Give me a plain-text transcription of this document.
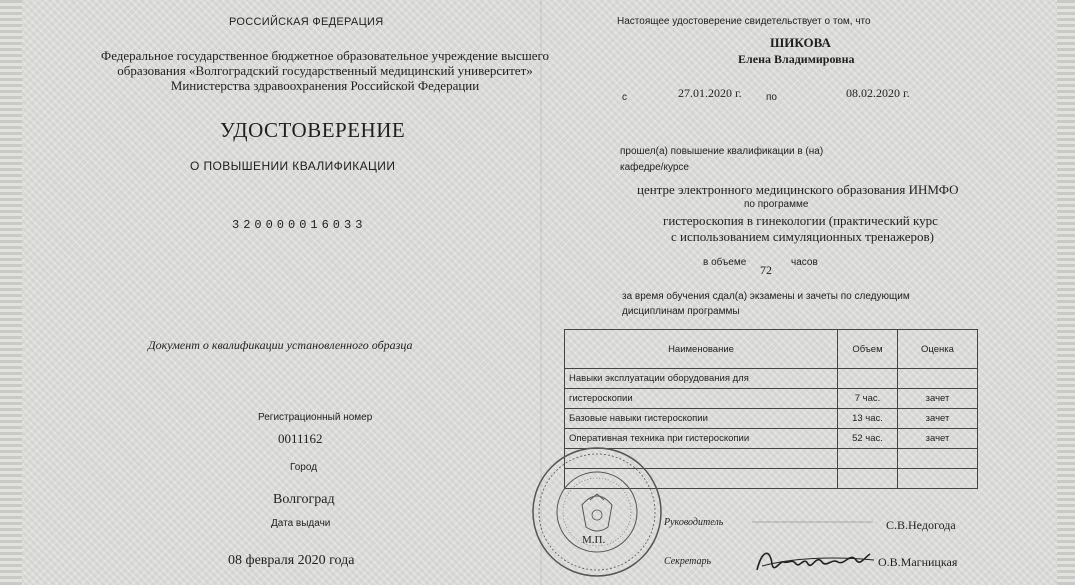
РОССИЙСКАЯ ФЕДЕРАЦИЯ
Федеральное государственное бюджетное образовательное учреждение высшего образования «Волгоградский государственный медицинский университет» Министерства здравоохранения Российской Федерации
УДОСТОВЕРЕНИЕ
О ПОВЫШЕНИИ КВАЛИФИКАЦИИ
320000016033
Документ о квалификации установленного образца
Регистрационный номер
0011162
Город
Волгоград
Дата выдачи
08 февраля 2020 года
Настоящее удостоверение свидетельствует о том, что
ШИКОВА
Елена Владимировна
с	27.01.2020 г. по	08.02.2020 г.
прошел(а) повышение квалификации в (на)
кафедре/курсе
центре электронного медицинского образования ИНМФО
по программе
гистероскопия в гинекологии (практический курс
с использованием симуляционных тренажеров)
в объеме
72
часов
за время обучения сдал(а) экзамены и зачеты по следующим
дисциплинам программы
Наименование	Объем	Оценка
Навыки эксплуатации оборудования для		
гистероскопии	7 час.	зачет
Базовые навыки гистероскопии	13 час.	зачет
Оперативная техника при гистероскопии	52 час.	зачет

М.П.
Руководитель	С.В.Недогода
Секретарь	О.В.Магницкая
